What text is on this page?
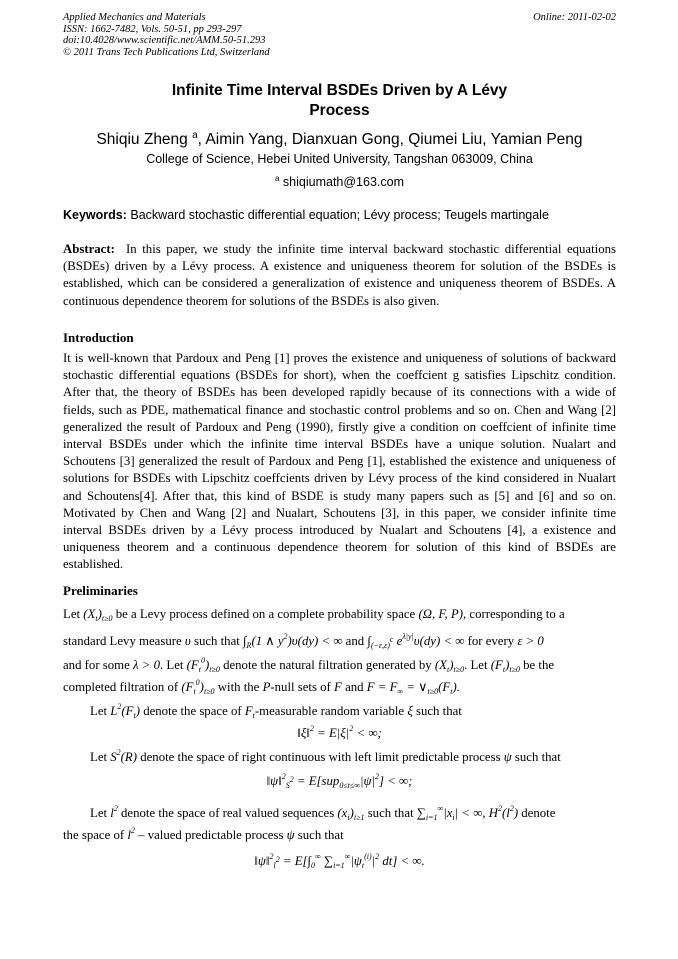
Applied Mechanics and Materials
ISSN: 1662-7482, Vols. 50-51, pp 293-297
doi:10.4028/www.scientific.net/AMM.50-51.293
© 2011 Trans Tech Publications Ltd, Switzerland
Online: 2011-02-02
Infinite Time Interval BSDEs Driven by A Lévy
Process
Shiqiu Zheng $^a$, Aimin Yang, Dianxuan Gong, Qiumei Liu, Yamian Peng
College of Science, Hebei United University, Tangshan 063009, China
$^a$ shiqiumath@163.com
Keywords: Backward stochastic differential equation; Lévy process; Teugels martingale
Abstract: In this paper, we study the infinite time interval backward stochastic differential equations (BSDEs) driven by a Lévy process. A existence and uniqueness theorem for solution of the BSDEs is established, which can be considered a generalization of existence and uniqueness theorem of BSDEs. A continuous dependence theorem for solutions of the BSDEs is also given.
Introduction
It is well-known that Pardoux and Peng [1] proves the existence and uniqueness of solutions of backward stochastic differential equations (BSDEs for short), when the coeffcient g satisfies Lipschitz condition. After that, the theory of BSDEs has been developed rapidly because of its connections with a wide of fields, such as PDE, mathematical finance and stochastic control problems and so on. Chen and Wang [2] generalized the result of Pardoux and Peng (1990), firstly give a condition on coeffcient of infinite time interval BSDEs under which the infinite time interval BSDEs have a unique solution. Nualart and Schoutens [3] generalized the result of Pardoux and Peng [1], established the existence and uniqueness of solutions for BSDEs with Lipschitz coeffcients driven by Lévy process of the kind considered in Nualart and Schoutens[4]. After that, this kind of BSDE is study many papers such as [5] and [6] and so on. Motivated by Chen and Wang [2] and Nualart, Schoutens [3], in this paper, we consider infinite time interval BSDEs driven by a Lévy process introduced by Nualart and Schoutens [4], a existence and uniqueness theorem and a continuous dependence theorem for solution of this kind of BSDEs are established.
Preliminaries
Let $(X_t)_{t\ge 0}$ be a Levy process defined on a complete probability space (Ω, F, P), corresponding to a
standard Levy measure υ such that $\int_R(1$ ∧ $y^2)\upsilon(dy)$ < ∞ and $\int_{(-\varepsilon,\varepsilon)c}$ $e^{\lambda|y|}\upsilon(dy)$ < ∞ for every ε > 0
and for some λ > 0. Let $(F_t^0)_{t\ge 0}$ denote the natural filtration generated by $(X_t)_{t\ge 0}$. Let $(F_t)_{t\ge 0}$ be the
completed filtration of $(F_t^0)_{t\ge 0}$ with the P-null sets of F and $F = F_\infty$ = $\vee_{t\ge 0}(F_t)$.
Let $L^2(F_t)$ denote the space of $F_t$-measurable random variable ξ such that
‖ξ‖$^2$ = $E|\xi|^2$ < ∞;
Let $S^2(R)$ denote the space of right continuous with left limit predictable process ψ such that
‖ψ‖$^2_{S2}$ = $E[sup_{0\le t\le\infty}|\psi|^2]$ < ∞;
Let $l^2$ denote the space of real valued sequences $(x_i)_{i\ge 1}$ such that $\sum_{i=1}^\infty|x_i|$ < ∞, $H^2(l^2)$ denote
the space of $l^2$ – valued predictable process ψ such that
‖ψ‖$^2_{l2}$ = $E[\int_0^\infty$ $\sum_{i=1}^\infty|\psi_t^{(i)}|^2$ dt] < ∞.
